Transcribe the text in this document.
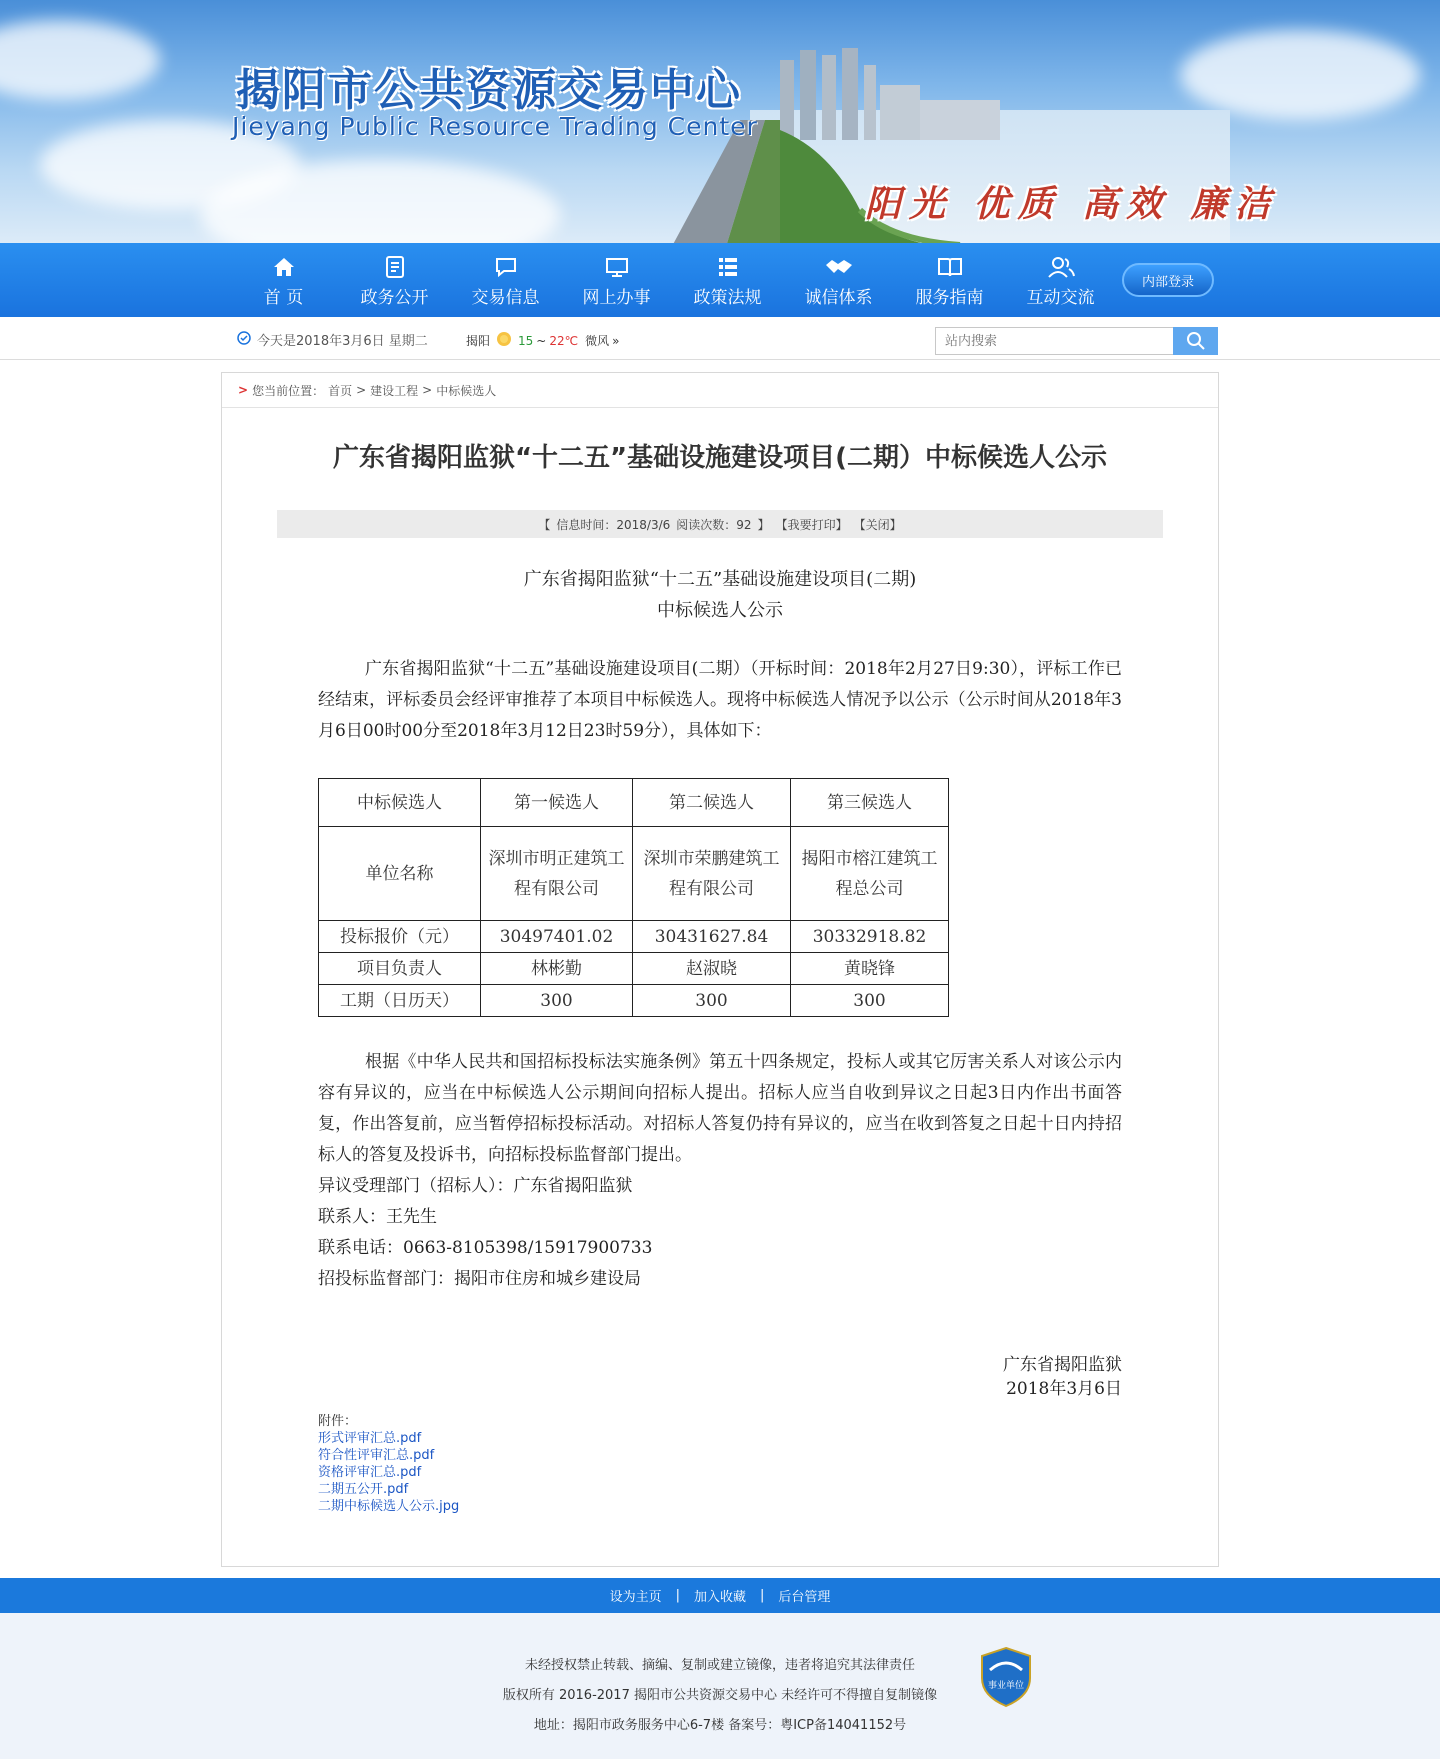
揭阳市公共资源交易中心
Jieyang Public Resource Trading Center
阳光 优质 高效 廉洁
首 页	政务公开	交易信息	网上办事	政策法规	诚信体系	服务指南	互动交流
内部登录
今天是2018年3月6日 星期二	揭阳 15 ~ 22℃ 微风 »
站内搜索
> 您当前位置： 首页 > 建设工程 > 中标候选人
广东省揭阳监狱“十二五”基础设施建设项目(二期）中标候选人公示
【 信息时间：2018/3/6 阅读次数：92 】 【我要打印】 【关闭】
广东省揭阳监狱“十二五”基础设施建设项目(二期)
中标候选人公示

广东省揭阳监狱“十二五”基础设施建设项目(二期）（开标时间：2018年2月27日9:30），评标工作已经结束，评标委员会经评审推荐了本项目中标候选人。现将中标候选人情况予以公示（公示时间从2018年3月6日00时00分至2018年3月12日23时59分），具体如下：

中标候选人	第一候选人	第二候选人	第三候选人
单位名称	深圳市明正建筑工程有限公司	深圳市荣鹏建筑工程有限公司	揭阳市榕江建筑工程总公司
投标报价（元）	30497401.02	30431627.84	30332918.82
项目负责人	林彬勤	赵淑晓	黄晓锋
工期（日历天）	300	300	300

根据《中华人民共和国招标投标法实施条例》第五十四条规定，投标人或其它厉害关系人对该公示内容有异议的，应当在中标候选人公示期间向招标人提出。招标人应当自收到异议之日起3日内作出书面答复，作出答复前，应当暂停招标投标活动。对招标人答复仍持有异议的，应当在收到答复之日起十日内持招标人的答复及投诉书，向招标投标监督部门提出。

异议受理部门（招标人）：广东省揭阳监狱
联系人：王先生
联系电话：0663-8105398/15917900733
招投标监督部门：揭阳市住房和城乡建设局
广东省揭阳监狱
2018年3月6日
附件：
形式评审汇总.pdf
符合性评审汇总.pdf
资格评审汇总.pdf
二期五公开.pdf
二期中标候选人公示.jpg
设为主页 | 加入收藏 | 后台管理
未经授权禁止转载、摘编、复制或建立镜像，违者将追究其法律责任
版权所有 2016-2017 揭阳市公共资源交易中心 未经许可不得擅自复制镜像
地址：揭阳市政务服务中心6-7楼 备案号：粤ICP备14041152号
事业单位
